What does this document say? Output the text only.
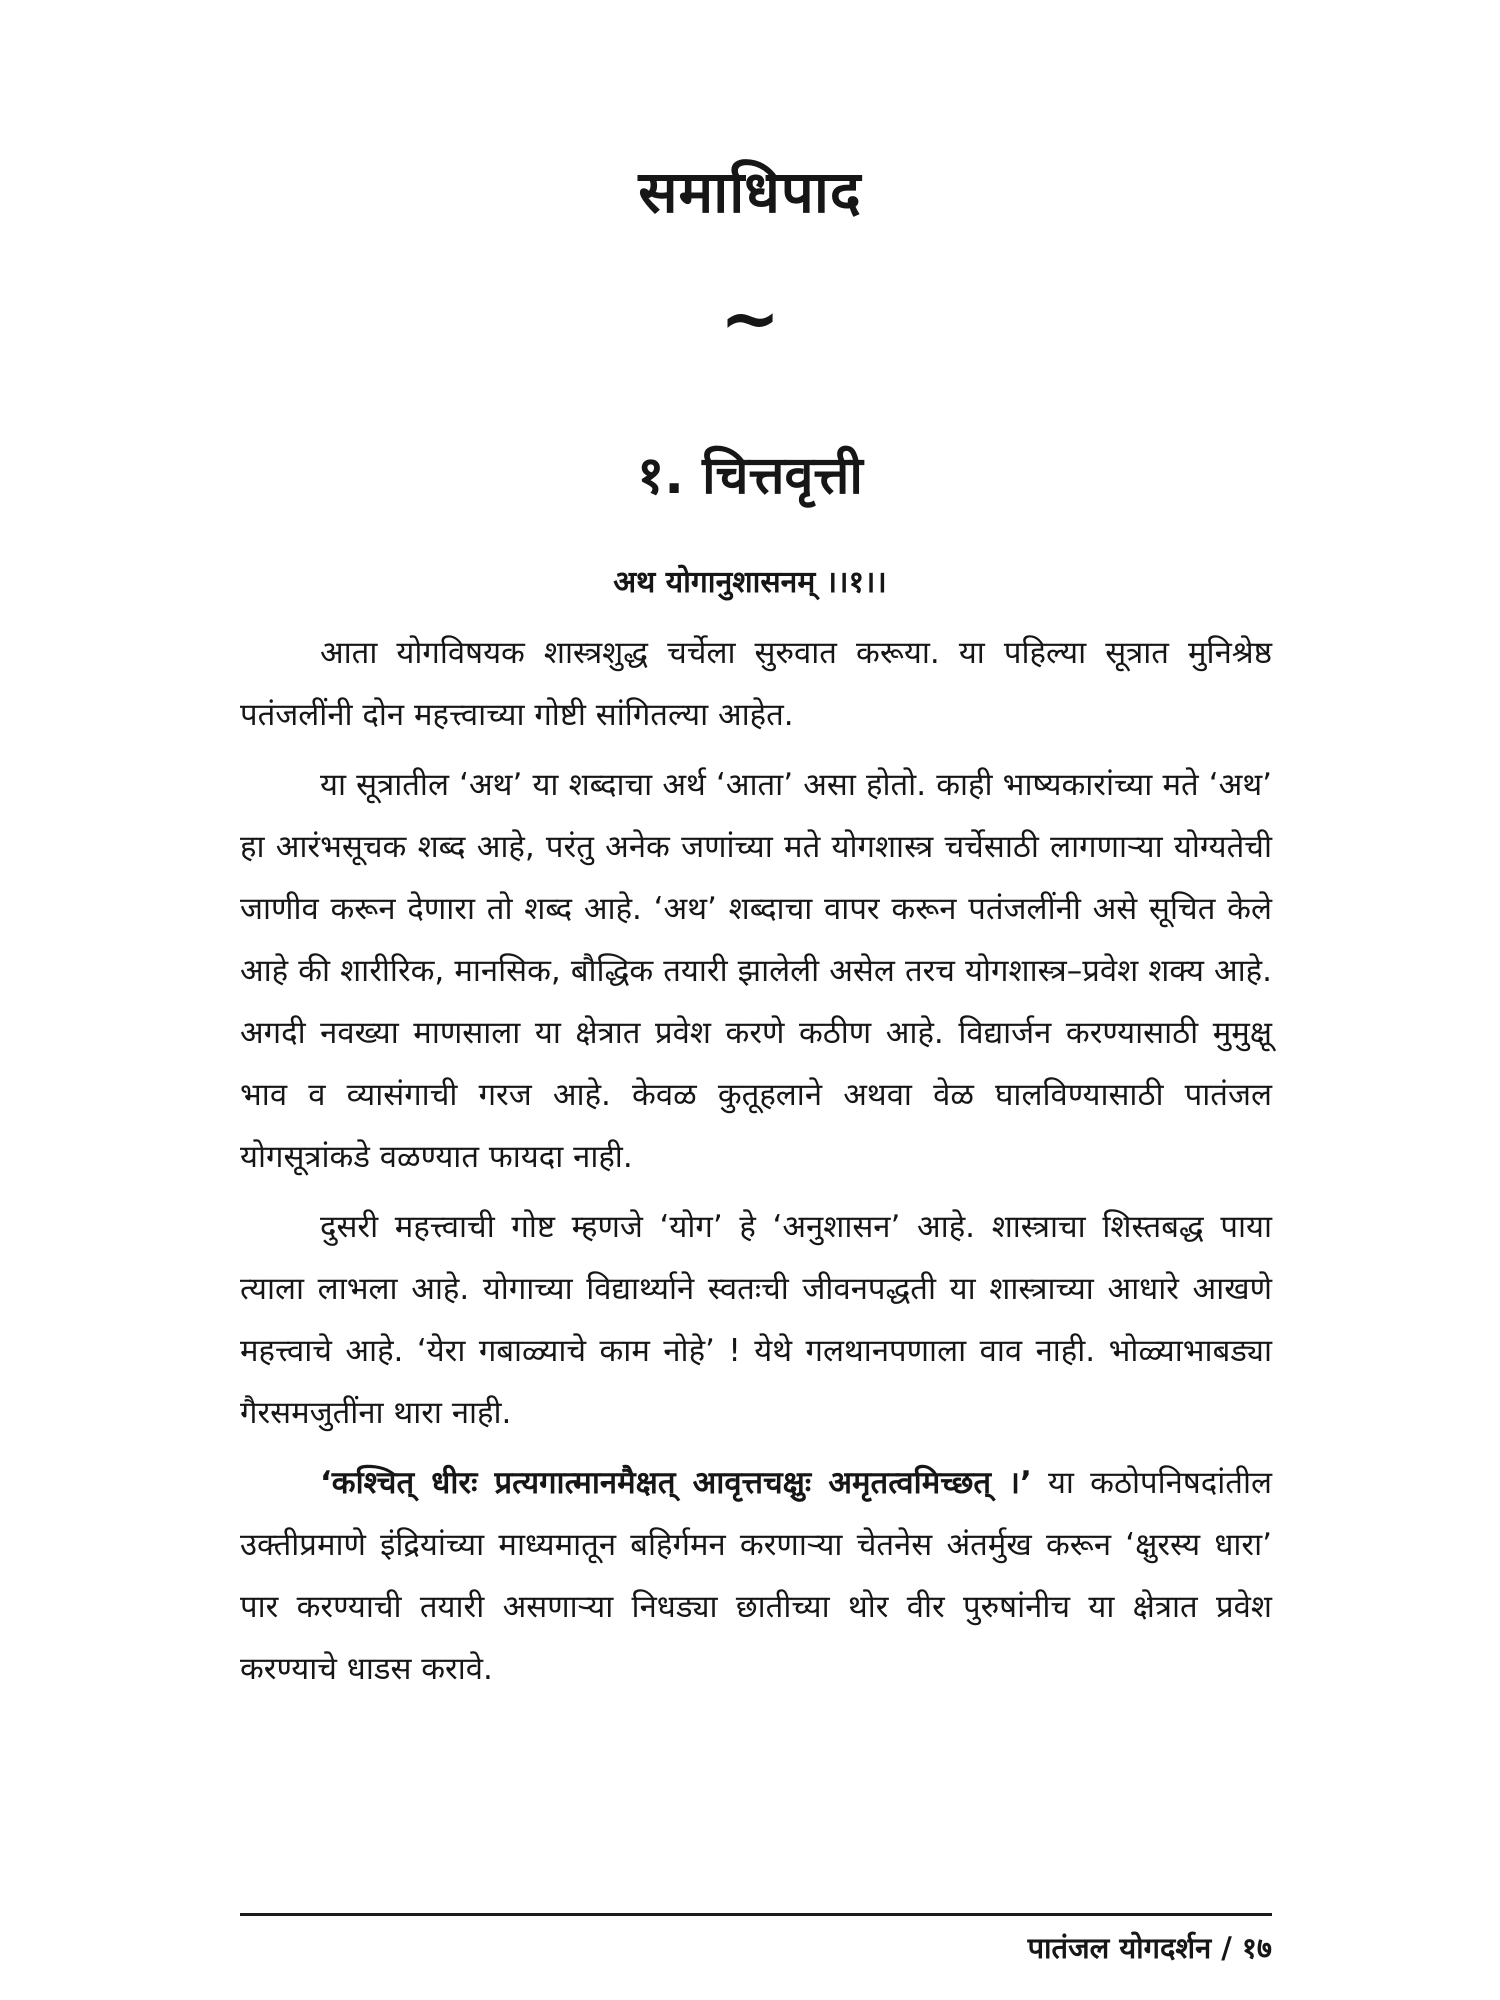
समाधिपाद
~
१. चित्तवृत्ती
अथ योगानुशासनम् ।।१।।

आता योगविषयक शास्त्रशुद्ध चर्चेला सुरुवात करूया. या पहिल्या सूत्रात मुनिश्रेष्ठ पतंजलींनी दोन महत्त्वाच्या गोष्टी सांगितल्या आहेत.

या सूत्रातील ‘अथ’ या शब्दाचा अर्थ ‘आता’ असा होतो. काही भाष्यकारांच्या मते ‘अथ’ हा आरंभसूचक शब्द आहे, परंतु अनेक जणांच्या मते योगशास्त्र चर्चेसाठी लागणाऱ्या योग्यतेची जाणीव करून देणारा तो शब्द आहे. ‘अथ’ शब्दाचा वापर करून पतंजलींनी असे सूचित केले आहे की शारीरिक, मानसिक, बौद्धिक तयारी झालेली असेल तरच योगशास्त्र–प्रवेश शक्य आहे. अगदी नवख्या माणसाला या क्षेत्रात प्रवेश करणे कठीण आहे. विद्यार्जन करण्यासाठी मुमुक्षू भाव व व्यासंगाची गरज आहे. केवळ कुतूहलाने अथवा वेळ घालविण्यासाठी पातंजल योगसूत्रांकडे वळण्यात फायदा नाही.

दुसरी महत्त्वाची गोष्ट म्हणजे ‘योग’ हे ‘अनुशासन’ आहे. शास्त्राचा शिस्तबद्ध पाया त्याला लाभला आहे. योगाच्या विद्यार्थ्याने स्वतःची जीवनपद्धती या शास्त्राच्या आधारे आखणे महत्त्वाचे आहे. ‘येरा गबाळ्याचे काम नोहे’ ! येथे गलथानपणाला वाव नाही. भोळ्याभाबड्या गैरसमजुतींना थारा नाही.

‘कश्चित् धीरः प्रत्यगात्मानमैक्षत् आवृत्तचक्षुः अमृतत्वमिच्छत् ।’ या कठोपनिषदांतील उक्तीप्रमाणे इंद्रियांच्या माध्यमातून बहिर्गमन करणाऱ्या चेतनेस अंतर्मुख करून ‘क्षुरस्य धारा’ पार करण्याची तयारी असणाऱ्या निधड्या छातीच्या थोर वीर पुरुषांनीच या क्षेत्रात प्रवेश करण्याचे धाडस करावे.

पातंजल योगदर्शन / १७
